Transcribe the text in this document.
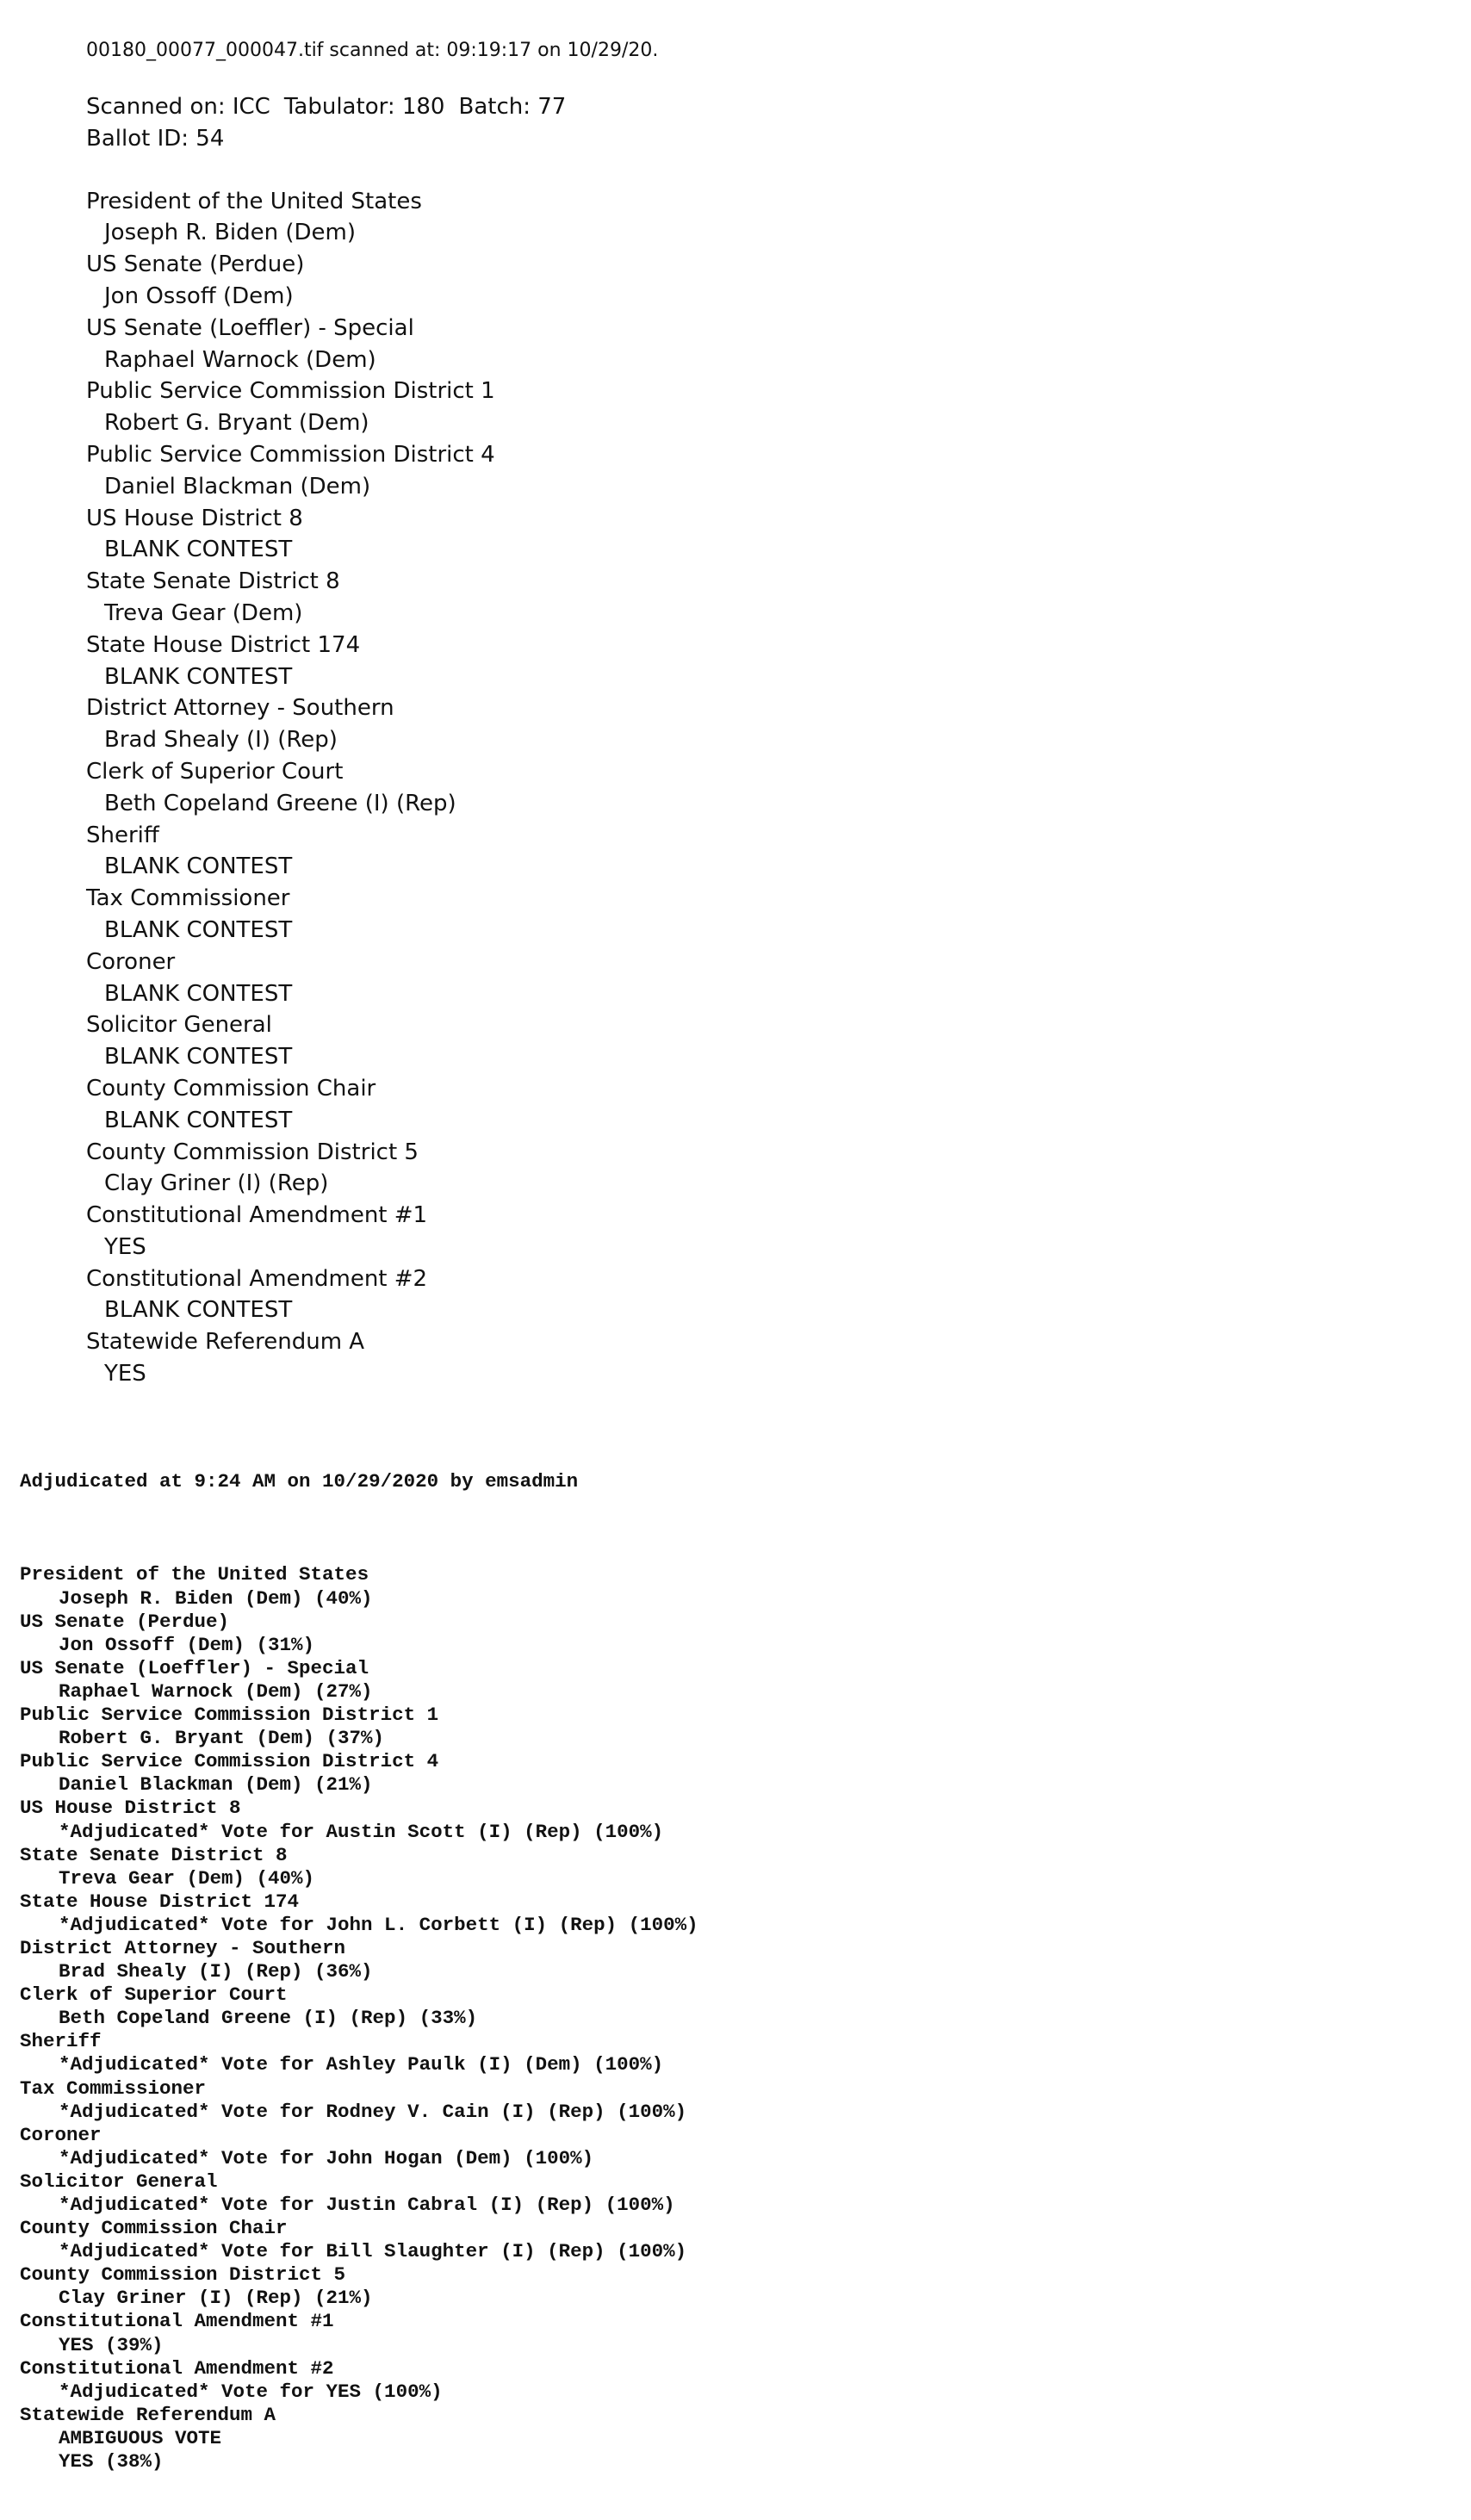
00180_00077_000047.tif scanned at: 09:19:17 on 10/29/20.
Scanned on: ICC Tabulator: 180 Batch: 77
Ballot ID: 54
President of the United States
Joseph R. Biden (Dem)
US Senate (Perdue)
Jon Ossoff (Dem)
US Senate (Loeffler) - Special
Raphael Warnock (Dem)
Public Service Commission District 1
Robert G. Bryant (Dem)
Public Service Commission District 4
Daniel Blackman (Dem)
US House District 8
BLANK CONTEST
State Senate District 8
Treva Gear (Dem)
State House District 174
BLANK CONTEST
District Attorney - Southern
Brad Shealy (I) (Rep)
Clerk of Superior Court
Beth Copeland Greene (I) (Rep)
Sheriff
BLANK CONTEST
Tax Commissioner
BLANK CONTEST
Coroner
BLANK CONTEST
Solicitor General
BLANK CONTEST
County Commission Chair
BLANK CONTEST
County Commission District 5
Clay Griner (I) (Rep)
Constitutional Amendment #1
YES
Constitutional Amendment #2
BLANK CONTEST
Statewide Referendum A
YES

Adjudicated at 9:24 AM on 10/29/2020 by emsadmin

President of the United States
Joseph R. Biden (Dem) (40%)
US Senate (Perdue)
Jon Ossoff (Dem) (31%)
US Senate (Loeffler) - Special
Raphael Warnock (Dem) (27%)
Public Service Commission District 1
Robert G. Bryant (Dem) (37%)
Public Service Commission District 4
Daniel Blackman (Dem) (21%)
US House District 8
*Adjudicated* Vote for Austin Scott (I) (Rep) (100%)
State Senate District 8
Treva Gear (Dem) (40%)
State House District 174
*Adjudicated* Vote for John L. Corbett (I) (Rep) (100%)
District Attorney - Southern
Brad Shealy (I) (Rep) (36%)
Clerk of Superior Court
Beth Copeland Greene (I) (Rep) (33%)
Sheriff
*Adjudicated* Vote for Ashley Paulk (I) (Dem) (100%)
Tax Commissioner
*Adjudicated* Vote for Rodney V. Cain (I) (Rep) (100%)
Coroner
*Adjudicated* Vote for John Hogan (Dem) (100%)
Solicitor General
*Adjudicated* Vote for Justin Cabral (I) (Rep) (100%)
County Commission Chair
*Adjudicated* Vote for Bill Slaughter (I) (Rep) (100%)
County Commission District 5
Clay Griner (I) (Rep) (21%)
Constitutional Amendment #1
YES (39%)
Constitutional Amendment #2
*Adjudicated* Vote for YES (100%)
Statewide Referendum A
AMBIGUOUS VOTE
YES (38%)
